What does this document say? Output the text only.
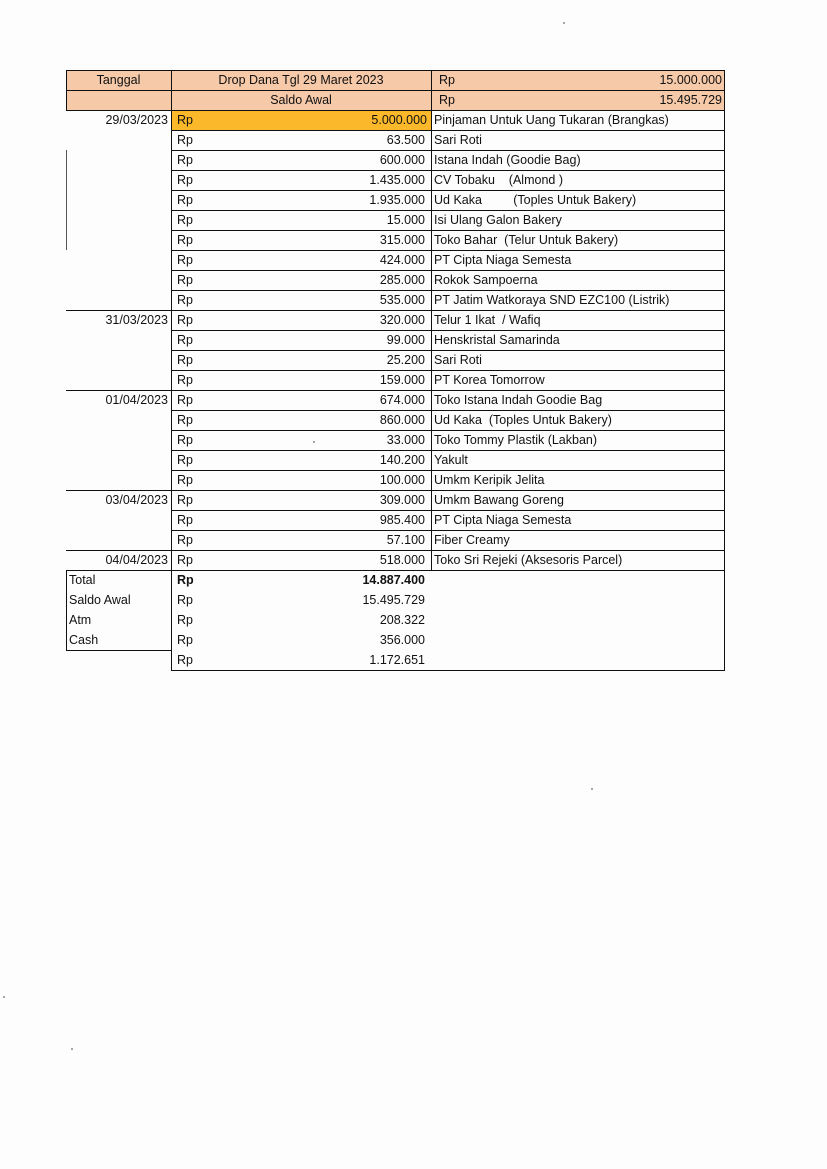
Tanggal	Drop Dana Tgl 29 Maret 2023	Rp	15.000.000
Saldo Awal	Rp	15.495.729
29/03/2023 Rp	5.000.000 Pinjaman Untuk Uang Tukaran (Brangkas)
Rp	63.500 Sari Roti
Rp	600.000 Istana Indah (Goodie Bag)
Rp	1.435.000 CV Tobaku    (Almond )
Rp	1.935.000 Ud Kaka         (Toples Untuk Bakery)
Rp	15.000 Isi Ulang Galon Bakery
Rp	315.000 Toko Bahar  (Telur Untuk Bakery)
Rp	424.000 PT Cipta Niaga Semesta
Rp	285.000 Rokok Sampoerna
Rp	535.000 PT Jatim Watkoraya SND EZC100 (Listrik)
31/03/2023 Rp	320.000 Telur 1 Ikat  / Wafiq
Rp	99.000 Henskristal Samarinda
Rp	25.200 Sari Roti
Rp	159.000 PT Korea Tomorrow
01/04/2023 Rp	674.000 Toko Istana Indah Goodie Bag
Rp	860.000 Ud Kaka  (Toples Untuk Bakery)
Rp	33.000 Toko Tommy Plastik (Lakban)
Rp	140.200 Yakult
Rp	100.000 Umkm Keripik Jelita
03/04/2023 Rp	309.000 Umkm Bawang Goreng
Rp	985.400 PT Cipta Niaga Semesta
Rp	57.100 Fiber Creamy
04/04/2023 Rp	518.000 Toko Sri Rejeki (Aksesoris Parcel)
Total	Rp	14.887.400
Saldo Awal	Rp	15.495.729
Atm	Rp	208.322
Cash	Rp	356.000
Rp	1.172.651
